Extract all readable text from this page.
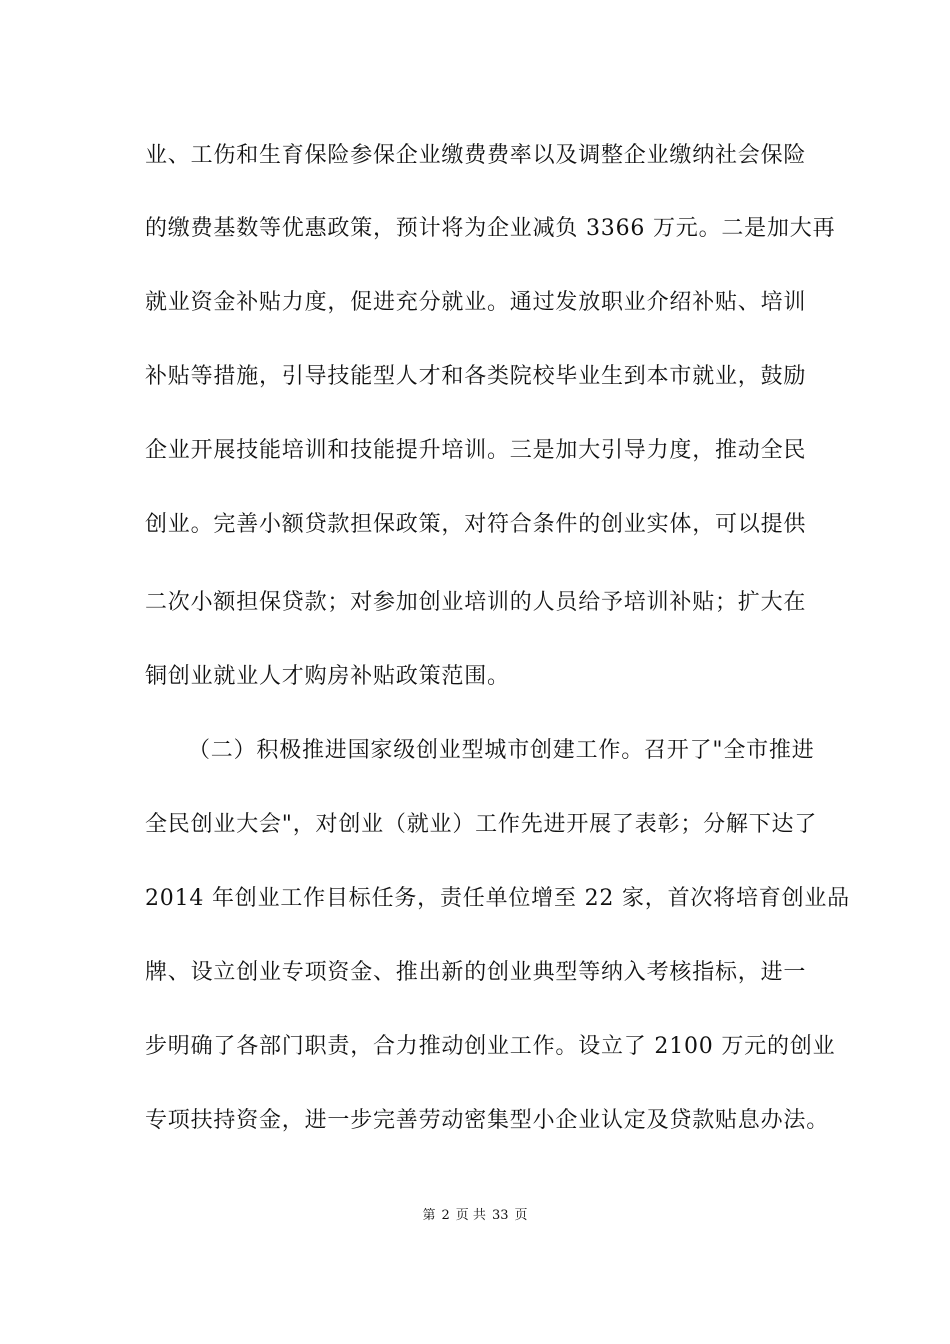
业、工伤和生育保险参保企业缴费费率以及调整企业缴纳社会保险
的缴费基数等优惠政策，预计将为企业减负 3366 万元。二是加大再
就业资金补贴力度，促进充分就业。通过发放职业介绍补贴、培训
补贴等措施，引导技能型人才和各类院校毕业生到本市就业，鼓励
企业开展技能培训和技能提升培训。三是加大引导力度，推动全民
创业。完善小额贷款担保政策，对符合条件的创业实体，可以提供
二次小额担保贷款；对参加创业培训的人员给予培训补贴；扩大在
铜创业就业人才购房补贴政策范围。
（二）积极推进国家级创业型城市创建工作。召开了"全市推进
全民创业大会"，对创业（就业）工作先进开展了表彰；分解下达了
2014 年创业工作目标任务，责任单位增至 22 家，首次将培育创业品
牌、设立创业专项资金、推出新的创业典型等纳入考核指标，进一
步明确了各部门职责，合力推动创业工作。设立了 2100 万元的创业
专项扶持资金，进一步完善劳动密集型小企业认定及贷款贴息办法。
第 2 页 共 33 页
